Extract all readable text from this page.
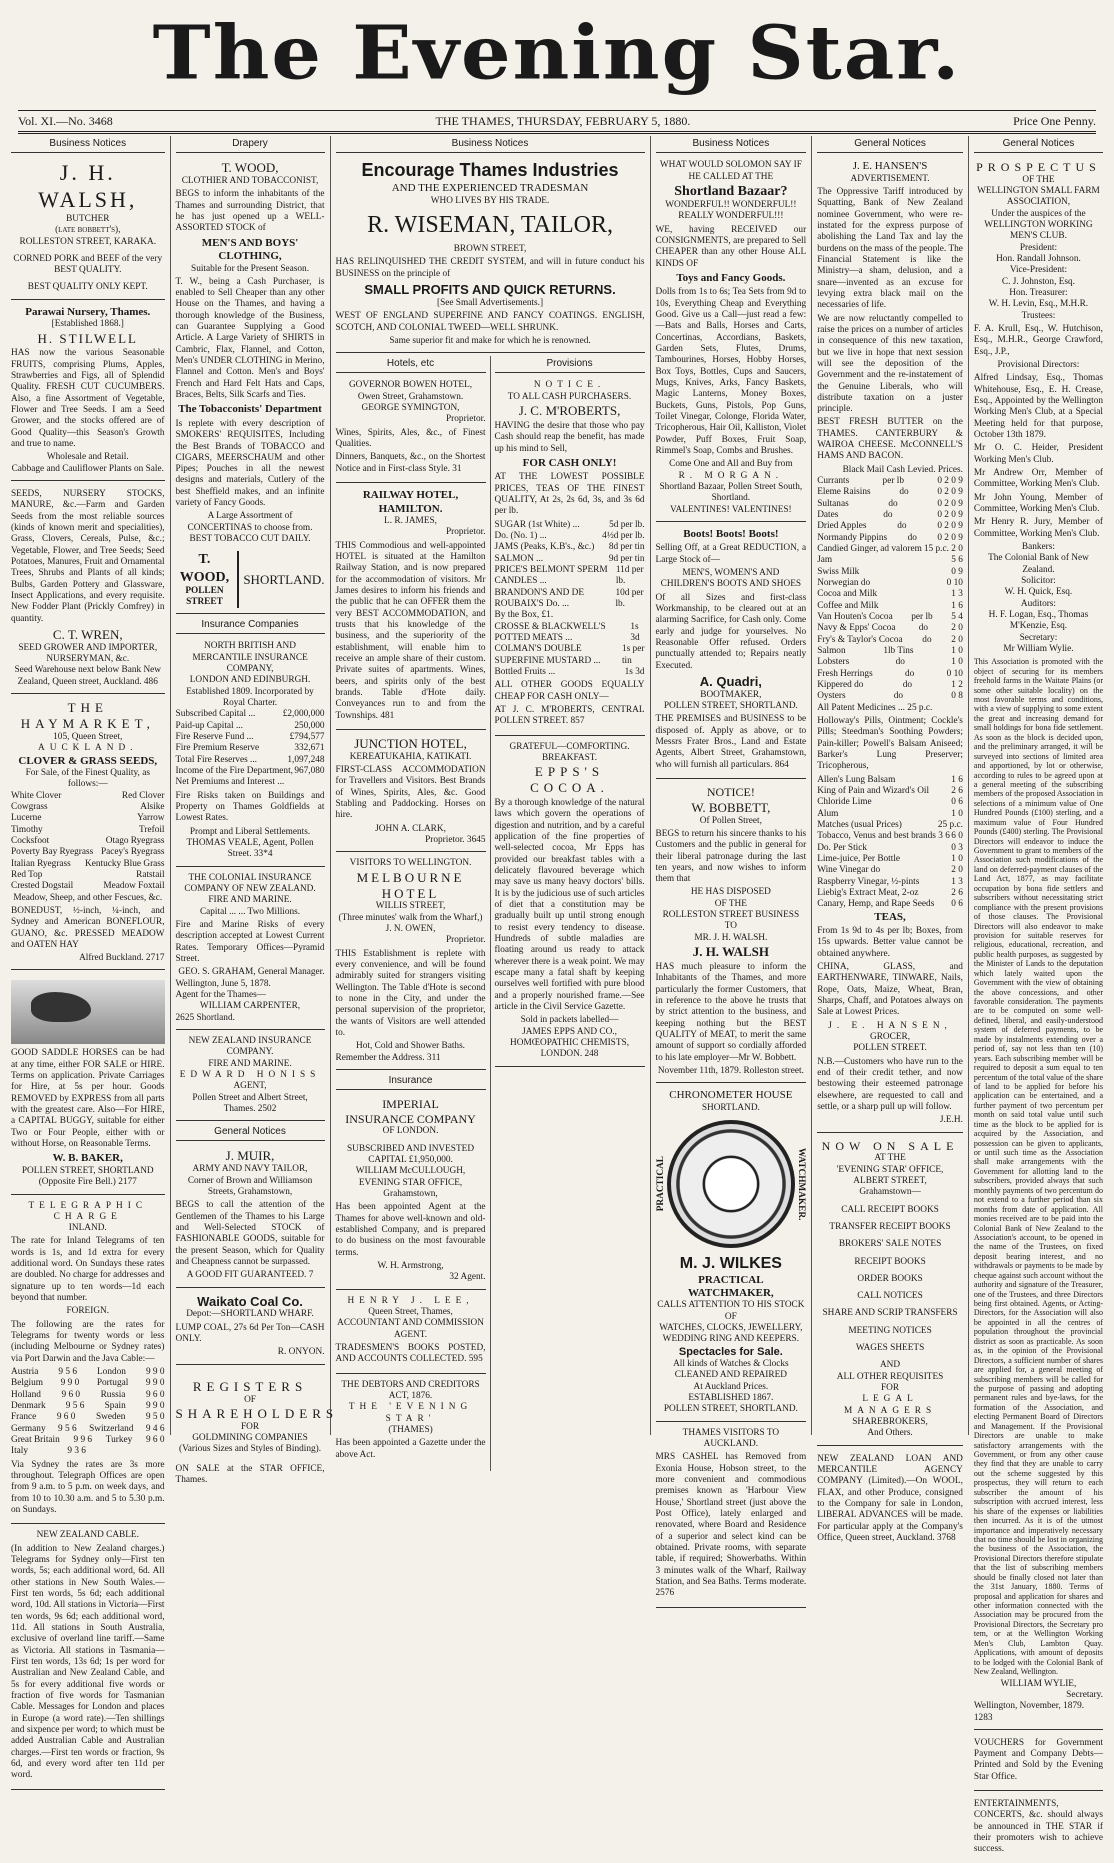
The Evening Star.
Vol. XI.—No. 3468	THE THAMES, THURSDAY, FEBRUARY 5, 1880.	Price One Penny.
Business Notices
J. H. WALSH,
BUTCHER
(late bobbett's),
ROLLESTON STREET, KARAKA.
CORNED PORK and BEEF of the very BEST QUALITY.
BEST QUALITY ONLY KEPT.
Parawai Nursery, Thames.
[Established 1868.]
H. STILWELL

HAS now the various Seasonable FRUITS, comprising Plums, Apples, Strawberries and Figs, all of Splendid Quality. FRESH CUT CUCUMBERS. Also, a fine Assortment of Vegetable, Flower and Tree Seeds. I am a Seed Grower, and the stocks offered are of Good Quality—this Season's Growth and true to name.

Wholesale and Retail.
Cabbage and Cauliflower Plants on Sale.

SEEDS, NURSERY STOCKS, MANURE, &c.—Farm and Garden Seeds from the most reliable sources (kinds of known merit and specialities), Grass, Clovers, Cereals, Pulse, &c.; Vegetable, Flower, and Tree Seeds; Seed Potatoes, Manures, Fruit and Ornamental Trees, Shrubs and Plants of all kinds; Bulbs, Garden Pottery and Glassware, Insect Applications, and every requisite. New Fodder Plant (Prickly Comfrey) in quantity.

C. T. WREN,
SEED GROWER AND IMPORTER, NURSERYMAN, &c.
Seed Warehouse next below Bank New Zealand, Queen street, Auckland. 486
THE HAYMARKET,
105, Queen Street,
AUCKLAND.
CLOVER & GRASS SEEDS,
For Sale, of the Finest Quality, as follows:—
White Clover	Red Clover
Cowgrass	Alsike
Lucerne	Yarrow
Timothy	Trefoil
Cocksfoot	Otago Ryegrass
Poverty Bay Ryegrass Pacey's Ryegrass
Italian Ryegrass Kentucky Blue Grass
Red Top	Ratstail
Crested Dogstail	Meadow Foxtail
Meadow, Sheep, and other Fescues, &c.

BONEDUST, ½-inch, ¼-inch, and Sydney and American BONEFLOUR, GUANO, &c. PRESSED MEADOW and OATEN HAY

Alfred Buckland. 2717

GOOD SADDLE HORSES can be had at any time, either FOR SALE or HIRE. Terms on application. Private Carriages for Hire, at 5s per hour. Goods REMOVED by EXPRESS from all parts with the greatest care. Also—For HIRE, a CAPITAL BUGGY, suitable for either Two or Four People, either with or without Horse, on Reasonable Terms.

W. B. BAKER,
POLLEN STREET, SHORTLAND (Opposite Fire Bell.) 2177
TELEGRAPHIC CHARGE
INLAND.

The rate for Inland Telegrams of ten words is 1s, and 1d extra for every additional word. On Sundays these rates are doubled. No charge for addresses and signature up to ten words—1d each beyond that number.

FOREIGN.

The following are the rates for Telegrams for twenty words or less (including Melbourne or Sydney rates) via Port Darwin and the Java Cable:—

Austria 9 5 6 London 9 9 0
Belgium 9 9 0 Portugal 9 9 0
Holland 9 6 0 Russia 9 6 0
Denmark 9 5 6 Spain 9 9 0
France 9 6 0 Sweden 9 5 0
Germany 9 5 6 Switzerland 9 4 6
Great Britain 9 9 6 Turkey 9 6 0
Italy	9 3 6

Via Sydney the rates are 3s more throughout. Telegraph Offices are open from 9 a.m. to 5 p.m. on week days, and from 10 to 10.30 a.m. and 5 to 5.30 p.m. on Sundays.

NEW ZEALAND CABLE.

(In addition to New Zealand charges.) Telegrams for Sydney only—First ten words, 5s; each additional word, 6d. All other stations in New South Wales.—First ten words, 5s 6d; each additional word, 10d. All stations in Victoria—First ten words, 9s 6d; each additional word, 11d. All stations in South Australia, exclusive of overland line tariff.—Same as Victoria. All stations in Tasmania—First ten words, 13s 6d; 1s per word for Australian and New Zealand Cable, and 5s for every additional five words or fraction of five words for Tasmanian Cable. Messages for London and places in Europe (a word rate).—Ten shillings and sixpence per word; to which must be added Australian Cable and Australian charges.—First ten words or fraction, 9s 6d, and every word after ten 11d per word.

Drapery
T. WOOD,
CLOTHIER AND TOBACCONIST,

BEGS to inform the inhabitants of the Thames and surrounding District, that he has just opened up a WELL-ASSORTED STOCK of

MEN'S AND BOYS' CLOTHING,
Suitable for the Present Season.

T. W., being a Cash Purchaser, is enabled to Sell Cheaper than any other House on the Thames, and having a thorough knowledge of the Business, can Guarantee Supplying a Good Article. A Large Variety of SHIRTS in Cambric, Flax, Flannel, and Cotton, Men's UNDER CLOTHING in Merino, Flannel and Cotton. Men's and Boys' French and Hard Felt Hats and Caps, Braces, Belts, Silk Scarfs and Ties.

The Tobacconists' Department

Is replete with every description of SMOKERS' REQUISITES, Including the Best Brands of TOBACCO and CIGARS, MEERSCHAUM and other Pipes; Pouches in all the newest designs and materials, Cutlery of the best Sheffield makes, and an infinite variety of Fancy Goods.

A Large Assortment of CONCERTINAS to choose from.
BEST TOBACCO CUT DAILY.
T. WOOD,
POLLEN STREET
SHORTLAND.
Insurance Companies
NORTH BRITISH AND MERCANTILE INSURANCE COMPANY,
LONDON AND EDINBURGH.
Established 1809. Incorporated by Royal Charter.
Subscribed Capital ...	£2,000,000
Paid-up Capital ...	250,000
Fire Reserve Fund ...	£794,577
Fire Premium Reserve	332,671
Total Fire Reserves ...	1,097,248
Income of the Fire Department, Net Premiums and Interest ...
967,080

Fire Risks taken on Buildings and Property on Thames Goldfields at Lowest Rates.

Prompt and Liberal Settlements.
THOMAS VEALE, Agent, Pollen Street. 33*4
THE COLONIAL INSURANCE COMPANY OF NEW ZEALAND.
FIRE AND MARINE.
Capital ... ... Two Millions.

Fire and Marine Risks of every description accepted at Lowest Current Rates. Temporary Offices—Pyramid Street.

GEO. S. GRAHAM, General Manager.
Wellington, June 5, 1878.
Agent for the Thames—
WILLIAM CARPENTER,
2625 Shortland.
NEW ZEALAND INSURANCE COMPANY.
FIRE AND MARINE.
EDWARD HONISS
AGENT,
Pollen Street and Albert Street, Thames. 2502
General Notices
J. MUIR,
ARMY AND NAVY TAILOR,
Corner of Brown and Williamson Streets, Grahamstown,

BEGS to call the attention of the Gentlemen of the Thames to his Large and Well-Selected STOCK of FASHIONABLE GOODS, suitable for the present Season, which for Quality and Cheapness cannot be surpassed.

A GOOD FIT GUARANTEED. 7
Waikato Coal Co.
Depot:—SHORTLAND WHARF.

LUMP COAL, 27s 6d Per Ton—CASH ONLY.

R. ONYON.
REGISTERS
OF
SHAREHOLDERS
FOR
GOLDMINING COMPANIES
(Various Sizes and Styles of Binding).

ON SALE at the STAR OFFICE, Thames.

Business Notices
Encourage Thames Industries
AND THE EXPERIENCED TRADESMAN
WHO LIVES BY HIS TRADE.
R. WISEMAN, TAILOR,
BROWN STREET,

HAS RELINQUISHED THE CREDIT SYSTEM, and will in future conduct his BUSINESS on the principle of

SMALL PROFITS AND QUICK RETURNS.
[See Small Advertisements.]

WEST OF ENGLAND SUPERFINE AND FANCY COATINGS. ENGLISH, SCOTCH, AND COLONIAL TWEED—WELL SHRUNK.

Same superior fit and make for which he is renowned.
Hotels, etc
GOVERNOR BOWEN HOTEL,
Owen Street, Grahamstown.
GEORGE SYMINGTON,
Proprietor.

Wines, Spirits, Ales, &c., of Finest Qualities.

Dinners, Banquets, &c., on the Shortest Notice and in First-class Style. 31

RAILWAY HOTEL, HAMILTON.
L. R. JAMES,
Proprietor.

THIS Commodious and well-appointed HOTEL is situated at the Hamilton Railway Station, and is now prepared for the accommodation of visitors. Mr James desires to inform his friends and the public that he can OFFER them the very BEST ACCOMMODATION, and trusts that his knowledge of the business, and the superiority of the establishment, will enable him to receive an ample share of their custom. Private suites of apartments. Wines, beers, and spirits only of the best brands. Table d'Hote daily. Conveyances run to and from the Townships. 481

JUNCTION HOTEL,
KEREATUKAHIA, KATIKATI.

FIRST-CLASS ACCOMMODATION for Travellers and Visitors. Best Brands of Wines, Spirits, Ales, &c. Good Stabling and Paddocking. Horses on hire.

JOHN A. CLARK,
Proprietor. 3645
VISITORS TO WELLINGTON.
MELBOURNE HOTEL
WILLIS STREET,
(Three minutes' walk from the Wharf,)
J. N. OWEN,
Proprietor.

THIS Establishment is replete with every convenience, and will be found admirably suited for strangers visiting Wellington. The Table d'Hote is second to none in the City, and under the personal supervision of the proprietor, the wants of Visitors are well attended to.

Hot, Cold and Shower Baths.
Remember the Address. 311
Insurance
IMPERIAL
INSURANCE COMPANY
OF LONDON.
SUBSCRIBED AND INVESTED
CAPITAL £1,950,000.
WILLIAM McCULLOUGH,
EVENING STAR OFFICE,
Grahamstown,

Has been appointed Agent at the Thames for above well-known and old-established Company, and is prepared to do business on the most favourable terms.

W. H. Armstrong,
32 Agent.
HENRY J. LEE,
Queen Street, Thames,
ACCOUNTANT AND COMMISSION AGENT.

TRADESMEN'S BOOKS POSTED, AND ACCOUNTS COLLECTED. 595

THE DEBTORS AND CREDITORS
ACT, 1876.
THE 'EVENING STAR'
(THAMES)

Has been appointed a Gazette under the above Act.

Provisions
NOTICE.
TO ALL CASH PURCHASERS.
J. C. M'ROBERTS,

HAVING the desire that those who pay Cash should reap the benefit, has made up his mind to Sell,

FOR CASH ONLY!

AT THE LOWEST POSSIBLE PRICES, TEAS OF THE FINEST QUALITY, At 2s, 2s 6d, 3s, and 3s 6d per lb.

SUGAR (1st White) ...	5d per lb.
Do. (No. 1) ...	4½d per lb.
JAMS (Peaks, K.B's., &c.) 8d per tin
SALMON ...	9d per tin
PRICE'S BELMONT SPERM CANDLES ...
11d per lb.
BRANDON'S AND DE ROUBAIX'S Do. ...
10d per lb.
By the Box, £1.
CROSSE & BLACKWELL'S POTTED MEATS ...
1s 3d
COLMAN'S DOUBLE SUPERFINE MUSTARD ...
1s per tin
Bottled Fruits ...	1s 3d

ALL OTHER GOODS EQUALLY CHEAP FOR CASH ONLY—

AT J. C. M'ROBERTS, CENTRAL POLLEN STREET. 857

GRATEFUL—COMFORTING.
BREAKFAST.
EPPS'S COCOA.

By a thorough knowledge of the natural laws which govern the operations of digestion and nutrition, and by a careful application of the fine properties of well-selected cocoa, Mr Epps has provided our breakfast tables with a delicately flavoured beverage which may save us many heavy doctors' bills. It is by the judicious use of such articles of diet that a constitution may be gradually built up until strong enough to resist every tendency to disease. Hundreds of subtle maladies are floating around us ready to attack wherever there is a weak point. We may escape many a fatal shaft by keeping ourselves well fortified with pure blood and a properly nourished frame.—See article in the Civil Service Gazette.

Sold in packets labelled—
JAMES EPPS AND CO., HOMŒOPATHIC CHEMISTS, LONDON. 248
Business Notices
WHAT WOULD SOLOMON SAY IF HE CALLED AT THE
Shortland Bazaar?
WONDERFUL!! WONDERFUL!! REALLY WONDERFUL!!!

WE, having RECEIVED our CONSIGNMENTS, are prepared to Sell CHEAPER than any other House ALL KINDS OF

Toys and Fancy Goods.

Dolls from 1s to 6s; Tea Sets from 9d to 10s, Everything Cheap and Everything Good. Give us a Call—just read a few:—Bats and Balls, Horses and Carts, Concertinas, Accordians, Baskets, Garden Sets, Flutes, Drums, Tambourines, Horses, Hobby Horses, Box Toys, Bottles, Cups and Saucers, Mugs, Knives, Arks, Fancy Baskets, Magic Lanterns, Money Boxes, Buckets, Guns, Pistols, Pop Guns, Toilet Vinegar, Colonge, Florida Water, Tricopherous, Hair Oil, Kalliston, Violet Powder, Puff Boxes, Fruit Soap, Rimmel's Soap, Combs and Brushes.

Come One and All and Buy from
R. MORGAN.
Shortland Bazaar, Pollen Street South, Shortland.
VALENTINES! VALENTINES!
Boots! Boots! Boots!

Selling Off, at a Great REDUCTION, a Large Stock of—

MEN'S, WOMEN'S AND CHILDREN'S BOOTS AND SHOES

Of all Sizes and first-class Workmanship, to be cleared out at an alarming Sacrifice, for Cash only. Come early and judge for yourselves. No Reasonable Offer refused. Orders punctually attended to; Repairs neatly Executed.

A. Quadri,
BOOTMAKER,
POLLEN STREET, SHORTLAND.

THE PREMISES and BUSINESS to be disposed of. Apply as above, or to Messrs Frater Bros., Land and Estate Agents, Albert Street, Grahamstown, who will furnish all particulars. 864

NOTICE!
W. BOBBETT,
Of Pollen Street,

BEGS to return his sincere thanks to his Customers and the public in general for their liberal patronage during the last ten years, and now wishes to inform them that

HE HAS DISPOSED
OF THE
ROLLESTON STREET BUSINESS
TO
MR. J. H. WALSH.
J. H. WALSH

HAS much pleasure to inform the Inhabitants of the Thames, and more particularly the former Customers, that in reference to the above he trusts that by strict attention to the business, and keeping nothing but the BEST QUALITY of MEAT, to merit the same amount of support so cordially afforded to his late employer—Mr W. Bobbett.

November 11th, 1879. Rolleston street.
CHRONOMETER HOUSE
SHORTLAND.
PRACTICAL	WATCHMAKER.
M. J. WILKES
PRACTICAL WATCHMAKER,
CALLS ATTENTION TO HIS STOCK OF
WATCHES, CLOCKS, JEWELLERY, WEDDING RING AND KEEPERS.
Spectacles for Sale.
All kinds of Watches & Clocks CLEANED AND REPAIRED
At Auckland Prices.
ESTABLISHED 1867.
POLLEN STREET, SHORTLAND.
THAMES VISITORS TO AUCKLAND.

MRS CASHEL has Removed from Exonia House, Hobson street, to the more convenient and commodious premises known as 'Harbour View House,' Shortland street (just above the Post Office), lately enlarged and renovated, where Board and Residence of a superior and select kind can be obtained. Private rooms, with separate table, if required; Showerbaths. Within 3 minutes walk of the Wharf, Railway Station, and Sea Baths. Terms moderate. 2576

General Notices
J. E. HANSEN'S
ADVERTISEMENT.

The Oppressive Tariff introduced by Squatting, Bank of New Zealand nominee Government, who were re-instated for the express purpose of abolishing the Land Tax and lay the burdens on the mass of the people. The Financial Statement is like the Ministry—a sham, delusion, and a snare—invented as an excuse for levying extra black mail on the necessaries of life.

We are now reluctantly compelled to raise the prices on a number of articles in consequence of this new taxation, but we live in hope that next session will see the deposition of the Government and the re-instatement of the Genuine Liberals, who will distribute taxation on a juster principle.

BEST FRESH BUTTER on the THAMES. CANTERBURY & WAIROA CHEESE. McCONNELL'S HAMS AND BACON.

Black Mail Cash Levied. Prices.
Currants	per lb	0 2 0 9
Eleme Raisins	do	0 2 0 9
Sultanas	do	0 2 0 9
Dates	do	0 2 0 9
Dried Apples	do	0 2 0 9
Normandy Pippins do 0 2 0 9
Candied Ginger, ad valorem 15 p.c. 2 0
Jam	5 6
Swiss Milk	0 9
Norwegian do	0 10
Cocoa and Milk	1 3
Coffee and Milk	1 6
Van Houten's Cocoa per lb 5 4
Navy & Epps' Cocoa do 2 0
Fry's & Taylor's Cocoa do 2 0
Salmon	1lb Tins	1 0
Lobsters	do	1 0
Fresh Herrings	do	0 10
Kippered do	do	1 2
Oysters	do	0 8
All Patent Medicines ... 25 p.c.

Holloway's Pills, Ointment; Cockle's Pills; Steedman's Soothing Powders; Pain-killer; Powell's Balsam Aniseed; Barker's Lung Preserver; Tricopherous,

Allen's Lung Balsam	1 6
King of Pain and Wizard's Oil 2 6
Chloride Lime	0 6
Alum	1 0
Matches (usual Prices)	25 p.c.
Tobacco, Venus and best brands 3 6 6 0
Do. Per Stick	0 3
Lime-juice, Per Bottle	1 0
Wine Vinegar do	2 0
Raspberry Vinegar, ½-pints	1 3
Liebig's Extract Meat, 2-oz	2 6
Canary, Hemp, and Rape Seeds 0 6
TEAS,

From 1s 9d to 4s per lb; Boxes, from 15s upwards. Better value cannot be obtained anywhere.

CHINA, GLASS, and EARTHENWARE, TINWARE, Nails, Rope, Oats, Maize, Wheat, Bran, Sharps, Chaff, and Potatoes always on Sale at Lowest Prices.

J. E. HANSEN,
GROCER,
POLLEN STREET.

N.B.—Customers who have run to the end of their credit tether, and now bestowing their esteemed patronage elsewhere, are requested to call and settle, or a sharp pull up will follow.

J.E.H.
NOW ON SALE
AT THE
'EVENING STAR' OFFICE,
ALBERT STREET,
Grahamstown—
CALL RECEIPT BOOKS
TRANSFER RECEIPT BOOKS
BROKERS' SALE NOTES
RECEIPT BOOKS
ORDER BOOKS
CALL NOTICES
SHARE AND SCRIP TRANSFERS
MEETING NOTICES
WAGES SHEETS
AND
ALL OTHER REQUISITES
FOR
LEGAL MANAGERS
SHAREBROKERS,
And Others.

NEW ZEALAND LOAN AND MERCANTILE AGENCY COMPANY (Limited).—On WOOL, FLAX, and other Produce, consigned to the Company for sale in London, LIBERAL ADVANCES will be made. For particular apply at the Company's Office, Queen street, Auckland. 3768

General Notices
PROSPECTUS
OF THE
WELLINGTON SMALL FARM ASSOCIATION,
Under the auspices of the
WELLINGTON WORKING MEN'S CLUB.
President:
Hon. Randall Johnson.
Vice-President:
C. J. Johnston, Esq.
Hon. Treasurer:
W. H. Levin, Esq., M.H.R.
Trustees:

F. A. Krull, Esq., W. Hutchison, Esq., M.H.R., George Crawford, Esq., J.P.,

Provisional Directors:

Alfred Lindsay, Esq., Thomas Whitehouse, Esq., E. H. Crease, Esq., Appointed by the Wellington Working Men's Club, at a Special Meeting held for that purpose, October 13th 1879.

Mr O. C. Heider, President Working Men's Club.

Mr Andrew Orr, Member of Committee, Working Men's Club.

Mr John Young, Member of Committee, Working Men's Club.

Mr Henry R. Jury, Member of Committee, Working Men's Club.

Bankers:
The Colonial Bank of New Zealand.
Solicitor:
W. H. Quick, Esq.
Auditors:
H. F. Logan, Esq., Thomas M'Kenzie, Esq.
Secretary:
Mr William Wylie.

This Association is promoted with the object of securing for its members freehold farms in the Waitate Plains (or some other suitable locality) on the most favorable terms and conditions, with a view of supplying to some extent the great and increasing demand for small holdings for bona fide settlement. As soon as the block is decided upon, and the preliminary arranged, it will be surveyed into sections of limited area and apportioned, by lot or otherwise, according to rules to be agreed upon at a general meeting of the subscribing members of the proposed Association in selections of a minimum value of One Hundred Pounds (£100) sterling, and a maximum value of Four Hundred Pounds (£400) sterling. The Provisional Directors will endeavor to induce the Government to grant to members of the Association such modifications of the land on deferred-payment clauses of the Land Act, 1877, as may facilitate occupation by bona fide settlers and subscribers without necessitating strict compliance with the present provisions of those clauses. The Provisional Directors will also endeavor to make provision for suitable reserves for religious, educational, recreation, and public health purposes, as suggested by the Minister of Lands to the deputation which lately waited upon the Government with the view of obtaining the above concessions, and other favorable consideration. The payments are to be computed on some well-defined, liberal, and easily-understood system of deferred payments, to be made by instalments extending over a period of, say not less than ten (10) years. Each subscribing member will be required to deposit a sum equal to ten percentum of the total value of the share of land to be applied for before his application can be entertained, and a further payment of two percentum per month on said total value until such time as the block to be applied for is acquired by the Association, and possession can be given to applicants, or until such time as the Association shall make arrangements with the Government for allotting land to the subscribers, provided always that such monthly payments of two percentum do not extend to a further period than six months from date of application. All monies received are to be paid into the Colonial Bank of New Zealand to the Association's account, to be opened in the name of the Trustees, on fixed deposit bearing interest, and no withdrawals or payments to be made by cheque against such account without the authority and signature of the Treasurer, one of the Trustees, and three Directors being first obtained. Agents, or Acting-Directors, for the Association will also be appointed in all the centres of population throughout the provincial district as soon as practicable. As soon as, in the opinion of the Provisional Directors, a sufficient number of shares are applied for, a general meeting of subscribing members will be called for the purpose of passing and adopting permanent rules and bye-laws, for the formation of the Association, and electing Permanent Board of Directors and Management. If the Provisional Directors are unable to make satisfactory arrangements with the Government, or from any other cause they find that they are unable to carry out the scheme suggested by this prospectus, they will return to each subscriber the amount of his subscription with accrued interest, less his share of the expenses or liabilities then incurred. As it is of the utmost importance and imperatively necessary that no time should be lost in organizing the business of the Association, the Provisional Directors therefore stipulate that the list of subscribing members should be finally closed not later than the 31st January, 1880. Terms of proposal and application for shares and other information connected with the Association may be procured from the Provisional Directors, the Secretary pro tem, or at the Wellington Working Men's Club, Lambton Quay. Applications, with amount of deposits to be lodged with the Colonial Bank of New Zealand, Wellington.

WILLIAM WYLIE,
Secretary.
Wellington, November, 1879. 1283

VOUCHERS for Government Payment and Company Debts—Printed and Sold by the Evening Star Office.

ENTERTAINMENTS, CONCERTS, &c. should always be announced in THE STAR if their promoters wish to achieve success.
